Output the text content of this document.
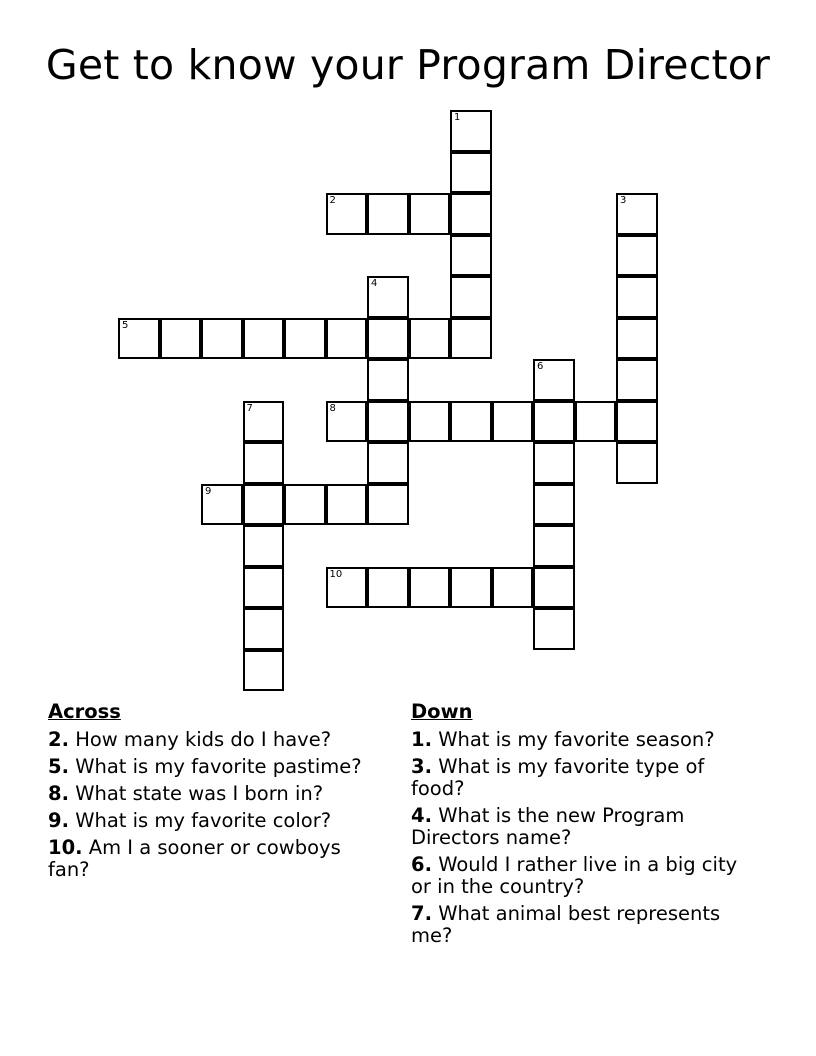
Get to know your Program Director
1
2	3
4
5
6
7	8
9
10
Across
2. How many kids do I have?
5. What is my favorite pastime?
8. What state was I born in?
9. What is my favorite color?
10. Am I a sooner or cowboys fan?
Down
1. What is my favorite season?
3. What is my favorite type of food?
4. What is the new Program Directors name?
6. Would I rather live in a big city or in the country?
7. What animal best represents me?
